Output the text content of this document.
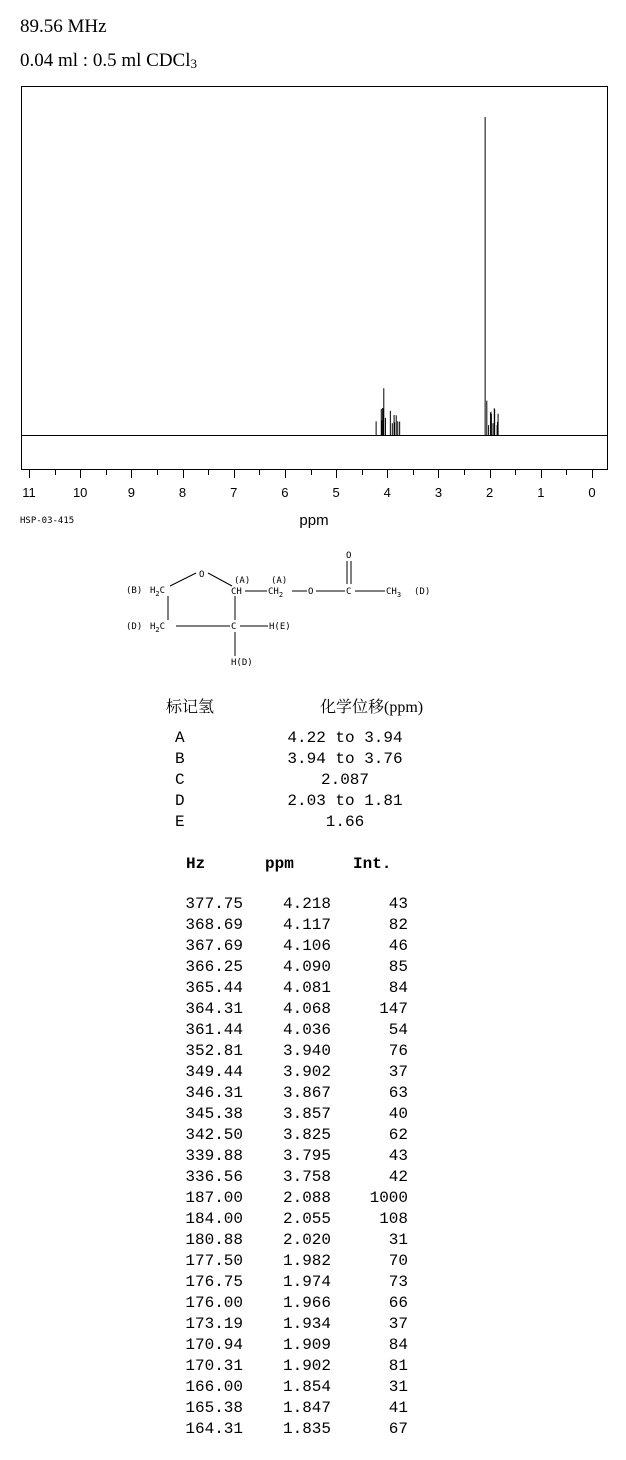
89.56 MHz
0.04 ml : 0.5 ml CDCl$_3$
11	10	9	8	7	6	5	4	3	2	1	0
ppm
HSP-03-415
(B) $H_2C$
(D) $H_2C$
O
(A)
CH
(A)
$CH_2$	O
O
C	$CH_3$ (D)
C	H(E)
H(D)
标记氢	化学位移(ppm)
A	4.22 to 3.94
B	3.94 to 3.76
C	2.087
D	2.03 to 1.81
E	1.66
Hz	ppm	Int.
377.75	4.218	43
368.69	4.117	82
367.69	4.106	46
366.25	4.090	85
365.44	4.081	84
364.31	4.068	147
361.44	4.036	54
352.81	3.940	76
349.44	3.902	37
346.31	3.867	63
345.38	3.857	40
342.50	3.825	62
339.88	3.795	43
336.56	3.758	42
187.00	2.088	1000
184.00	2.055	108
180.88	2.020	31
177.50	1.982	70
176.75	1.974	73
176.00	1.966	66
173.19	1.934	37
170.94	1.909	84
170.31	1.902	81
166.00	1.854	31
165.38	1.847	41
164.31	1.835	67
